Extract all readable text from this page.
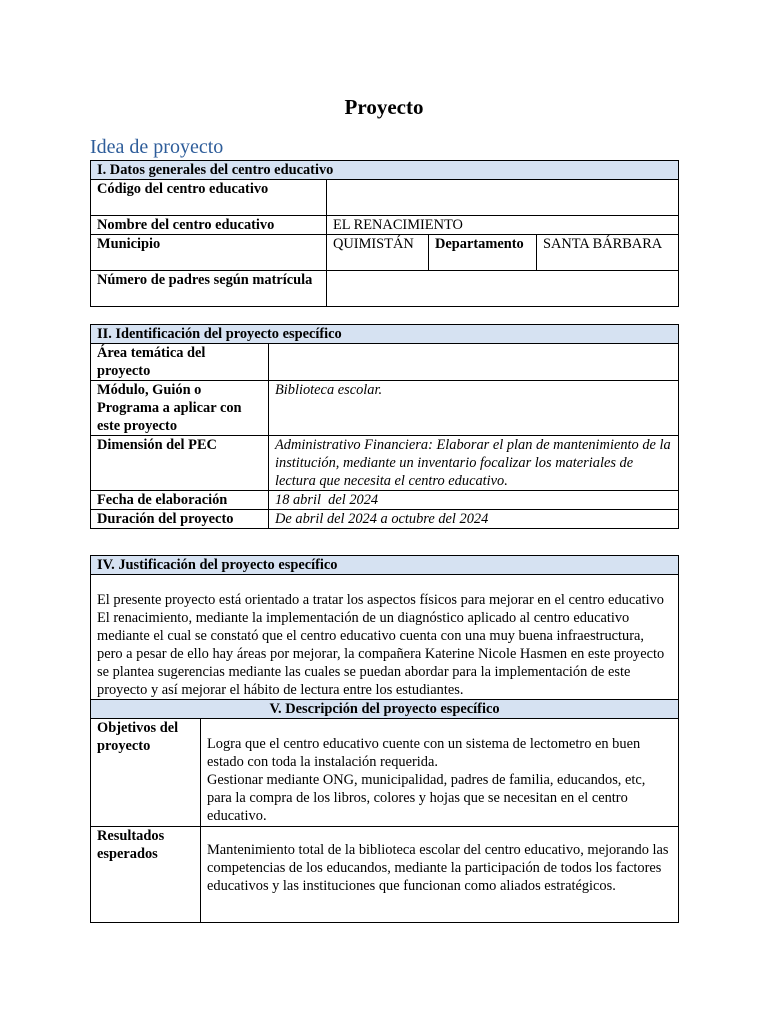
Proyecto
Idea de proyecto
I. Datos generales del centro educativo			
Código del centro educativo			
Nombre del centro educativo	EL RENACIMIENTO		
Municipio	QUIMISTÁN	Departamento	SANTA BÁRBARA
Número de padres según matrícula			
II. Identificación del proyecto específico	
Área temática del proyecto	
Módulo, Guión o Programa a aplicar con este proyecto	Biblioteca escolar.
Dimensión del PEC	Administrativo Financiera: Elaborar el plan de mantenimiento de la institución, mediante un inventario focalizar los materiales de lectura que necesita el centro educativo.
Fecha de elaboración	18 abril  del 2024
Duración del proyecto	De abril del 2024 a octubre del 2024
IV. Justificación del proyecto específico	
El presente proyecto está orientado a tratar los aspectos físicos para mejorar en el centro educativo El renacimiento, mediante la implementación de un diagnóstico aplicado al centro educativo mediante el cual se constató que el centro educativo cuenta con una muy buena infraestructura, pero a pesar de ello hay áreas por mejorar, la compañera Katerine Nicole Hasmen en este proyecto se plantea sugerencias mediante las cuales se puedan abordar para la implementación de este proyecto y así mejorar el hábito de lectura entre los estudiantes.	
V. Descripción del proyecto específico	
Objetivos del proyecto	Logra que el centro educativo cuente con un sistema de lectometro en buen estado con toda la instalación requerida.
Gestionar mediante ONG, municipalidad, padres de familia, educandos, etc, para la compra de los libros, colores y hojas que se necesitan en el centro educativo.

Resultados esperados	Mantenimiento total de la biblioteca escolar del centro educativo, mejorando las competencias de los educandos, mediante la participación de todos los factores educativos y las instituciones que funcionan como aliados estratégicos.
